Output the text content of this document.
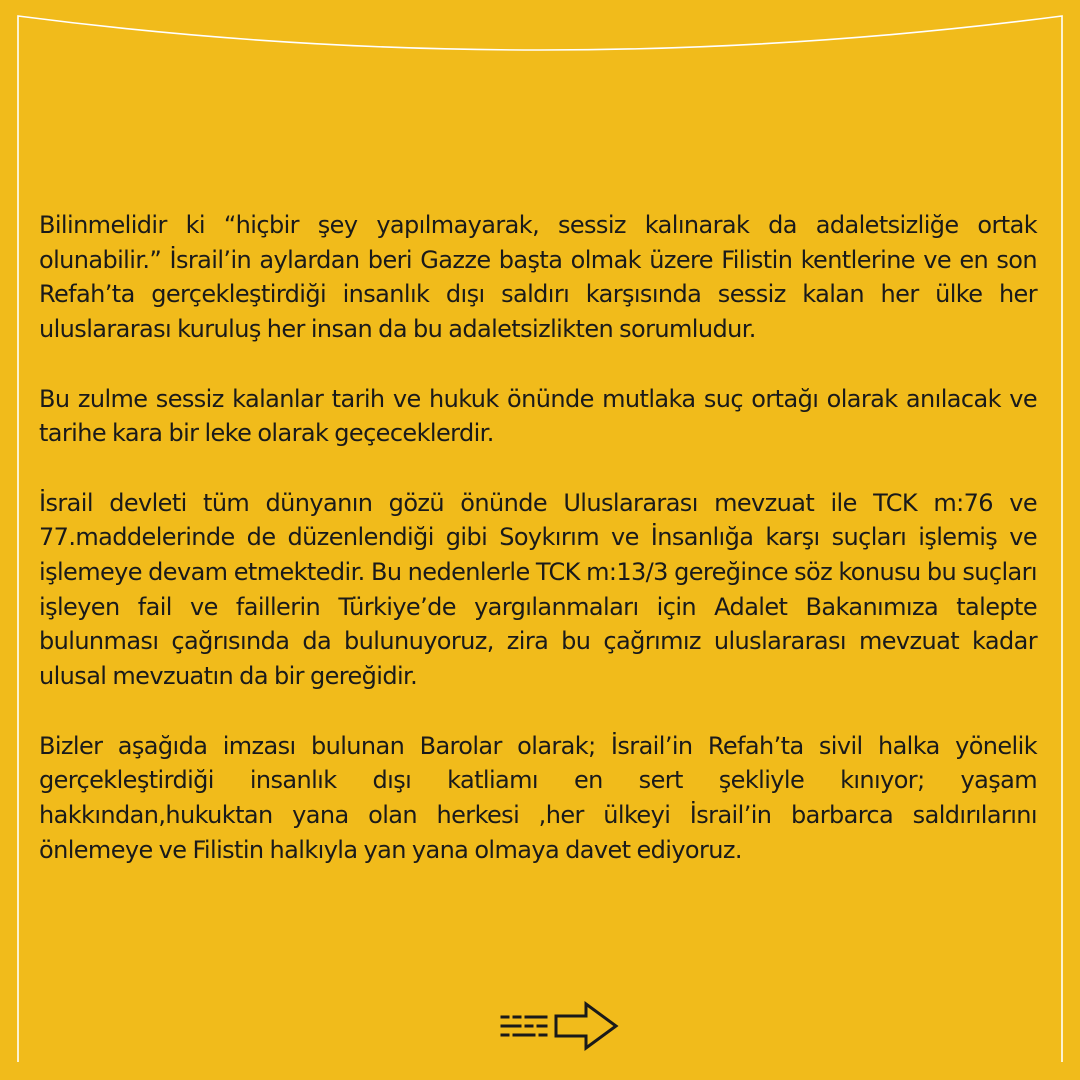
Bilinmelidir ki “hiçbir şey yapılmayarak, sessiz kalınarak da adaletsizliğe ortak olunabilir.” İsrail’in aylardan beri Gazze başta olmak üzere Filistin kentlerine ve en son Refah’ta gerçekleştirdiği insanlık dışı saldırı karşısında sessiz kalan her ülke her uluslararası kuruluş her insan da bu adaletsizlikten sorumludur.

Bu zulme sessiz kalanlar tarih ve hukuk önünde mutlaka suç ortağı olarak anılacak ve tarihe kara bir leke olarak geçeceklerdir.

İsrail devleti tüm dünyanın gözü önünde Uluslararası mevzuat ile TCK m:76 ve 77.maddelerinde de düzenlendiği gibi Soykırım ve İnsanlığa karşı suçları işlemiş ve işlemeye devam etmektedir. Bu nedenlerle TCK m:13/3 gereğince söz konusu bu suçları işleyen fail ve faillerin Türkiye’de yargılanmaları için Adalet Bakanımıza talepte bulunması çağrısında da bulunuyoruz, zira bu çağrımız uluslararası mevzuat kadar ulusal mevzuatın da bir gereğidir.

Bizler aşağıda imzası bulunan Barolar olarak; İsrail’in Refah’ta sivil halka yönelik gerçekleştirdiği insanlık dışı katliamı en sert şekliyle kınıyor; yaşam hakkından,hukuktan yana olan herkesi ,her ülkeyi İsrail’in barbarca saldırılarını önlemeye ve Filistin halkıyla yan yana olmaya davet ediyoruz.
